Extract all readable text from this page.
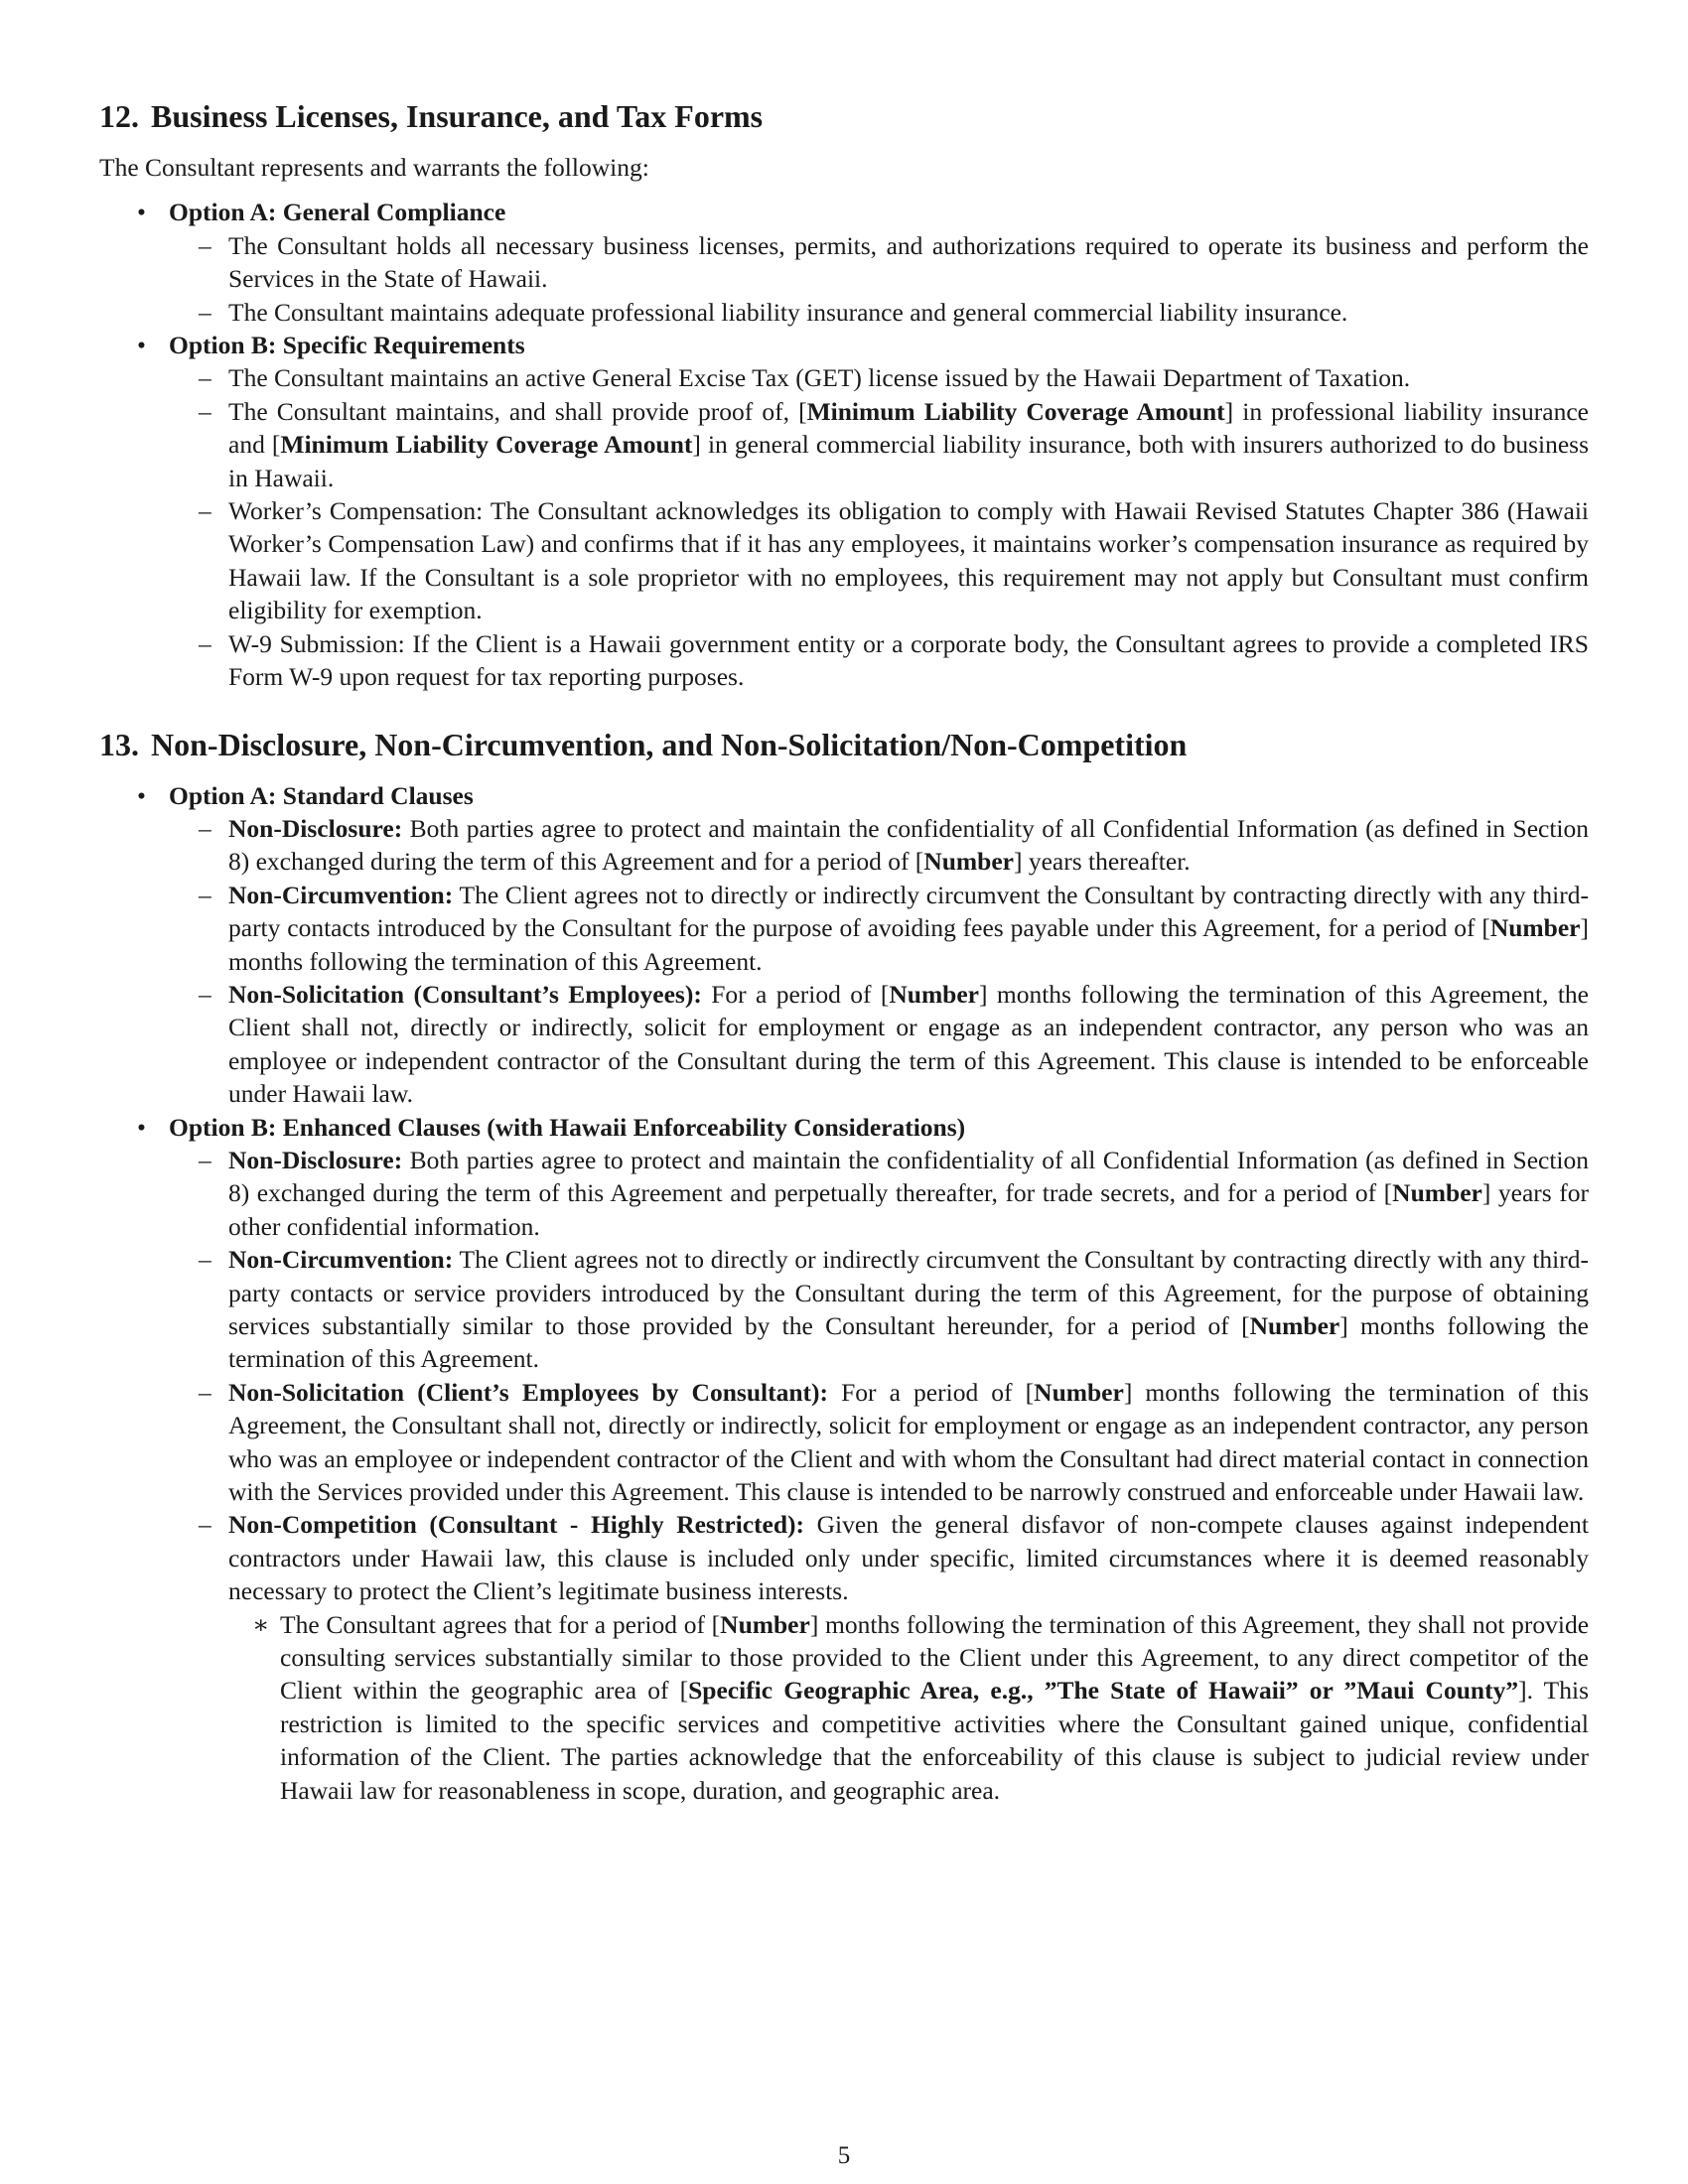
12. Business Licenses, Insurance, and Tax Forms

The Consultant represents and warrants the following:

• Option A: General Compliance
– The Consultant holds all necessary business licenses, permits, and authorizations required to operate its business and perform the Services in the State of Hawaii.
– The Consultant maintains adequate professional liability insurance and general commercial liability insurance.
• Option B: Specific Requirements
– The Consultant maintains an active General Excise Tax (GET) license issued by the Hawaii Department of Taxation.
– The Consultant maintains, and shall provide proof of, [Minimum Liability Coverage Amount] in professional liability insurance and [Minimum Liability Coverage Amount] in general commercial liability insurance, both with insurers authorized to do business in Hawaii.
– Worker’s Compensation: The Consultant acknowledges its obligation to comply with Hawaii Revised Statutes Chapter 386 (Hawaii Worker’s Compensation Law) and confirms that if it has any employees, it maintains worker’s compensation insurance as required by Hawaii law. If the Consultant is a sole proprietor with no employees, this requirement may not apply but Consultant must confirm eligibility for exemption.
– W-9 Submission: If the Client is a Hawaii government entity or a corporate body, the Consultant agrees to provide a completed IRS Form W-9 upon request for tax reporting purposes.
13. Non-Disclosure, Non-Circumvention, and Non-Solicitation/Non-Competition
• Option A: Standard Clauses
– Non-Disclosure: Both parties agree to protect and maintain the confidentiality of all Confidential Information (as defined in Section 8) exchanged during the term of this Agreement and for a period of [Number] years thereafter.
– Non-Circumvention: The Client agrees not to directly or indirectly circumvent the Consultant by contracting directly with any third-party contacts introduced by the Consultant for the purpose of avoiding fees payable under this Agreement, for a period of [Number] months following the termination of this Agreement.
– Non-Solicitation (Consultant’s Employees): For a period of [Number] months following the termination of this Agreement, the Client shall not, directly or indirectly, solicit for employment or engage as an independent contractor, any person who was an employee or independent contractor of the Consultant during the term of this Agreement. This clause is intended to be enforceable under Hawaii law.
• Option B: Enhanced Clauses (with Hawaii Enforceability Considerations)
– Non-Disclosure: Both parties agree to protect and maintain the confidentiality of all Confidential Information (as defined in Section 8) exchanged during the term of this Agreement and perpetually thereafter, for trade secrets, and for a period of [Number] years for other confidential information.
– Non-Circumvention: The Client agrees not to directly or indirectly circumvent the Consultant by contracting directly with any third-party contacts or service providers introduced by the Consultant during the term of this Agreement, for the purpose of obtaining services substantially similar to those provided by the Consultant hereunder, for a period of [Number] months following the termination of this Agreement.
– Non-Solicitation (Client’s Employees by Consultant): For a period of [Number] months following the termination of this Agreement, the Consultant shall not, directly or indirectly, solicit for employment or engage as an independent contractor, any person who was an employee or independent contractor of the Client and with whom the Consultant had direct material contact in connection with the Services provided under this Agreement. This clause is intended to be narrowly construed and enforceable under Hawaii law.
– Non-Competition (Consultant - Highly Restricted): Given the general disfavor of non-compete clauses against independent contractors under Hawaii law, this clause is included only under specific, limited circumstances where it is deemed reasonably necessary to protect the Client’s legitimate business interests.
∗ The Consultant agrees that for a period of [Number] months following the termination of this Agreement, they shall not provide consulting services substantially similar to those provided to the Client under this Agreement, to any direct competitor of the Client within the geographic area of [Specific Geographic Area, e.g., ”The State of Hawaii” or ”Maui County”]. This restriction is limited to the specific services and competitive activities where the Consultant gained unique, confidential information of the Client. The parties acknowledge that the enforceability of this clause is subject to judicial review under Hawaii law for reasonableness in scope, duration, and geographic area.
5
